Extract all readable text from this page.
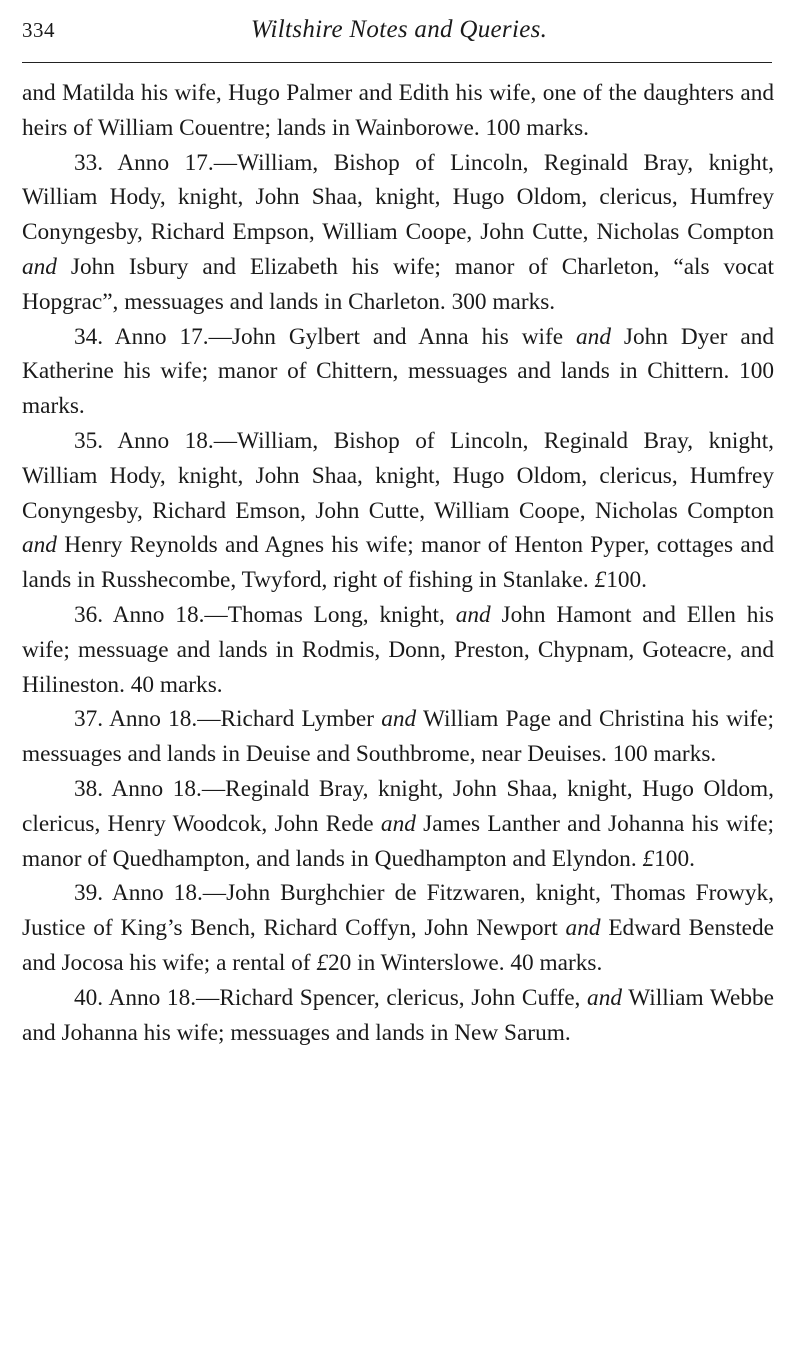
334	Wiltshire Notes and Queries.

and Matilda his wife, Hugo Palmer and Edith his wife, one of the daughters and heirs of William Couentre; lands in Wainborowe. 100 marks.

33. Anno 17.—William, Bishop of Lincoln, Reginald Bray, knight, William Hody, knight, John Shaa, knight, Hugo Oldom, clericus, Humfrey Conyngesby, Richard Empson, William Coope, John Cutte, Nicholas Compton and John Isbury and Elizabeth his wife; manor of Charleton, “als vocat Hopgrac”, messuages and lands in Charleton. 300 marks.

34. Anno 17.—John Gylbert and Anna his wife and John Dyer and Katherine his wife; manor of Chittern, messuages and lands in Chittern. 100 marks.

35. Anno 18.—William, Bishop of Lincoln, Reginald Bray, knight, William Hody, knight, John Shaa, knight, Hugo Oldom, clericus, Humfrey Conyngesby, Richard Emson, John Cutte, William Coope, Nicholas Compton and Henry Reynolds and Agnes his wife; manor of Henton Pyper, cottages and lands in Russhecombe, Twyford, right of fishing in Stanlake. £100.

36. Anno 18.—Thomas Long, knight, and John Hamont and Ellen his wife; messuage and lands in Rodmis, Donn, Preston, Chypnam, Goteacre, and Hilineston. 40 marks.

37. Anno 18.—Richard Lymber and William Page and Christina his wife; messuages and lands in Deuise and Southbrome, near Deuises. 100 marks.

38. Anno 18.—Reginald Bray, knight, John Shaa, knight, Hugo Oldom, clericus, Henry Woodcok, John Rede and James Lanther and Johanna his wife; manor of Quedhampton, and lands in Quedhampton and Elyndon. £100.

39. Anno 18.—John Burghchier de Fitzwaren, knight, Thomas Frowyk, Justice of King’s Bench, Richard Coffyn, John Newport and Edward Benstede and Jocosa his wife; a rental of £20 in Winterslowe. 40 marks.

40. Anno 18.—Richard Spencer, clericus, John Cuffe, and William Webbe and Johanna his wife; messuages and lands in New Sarum.
